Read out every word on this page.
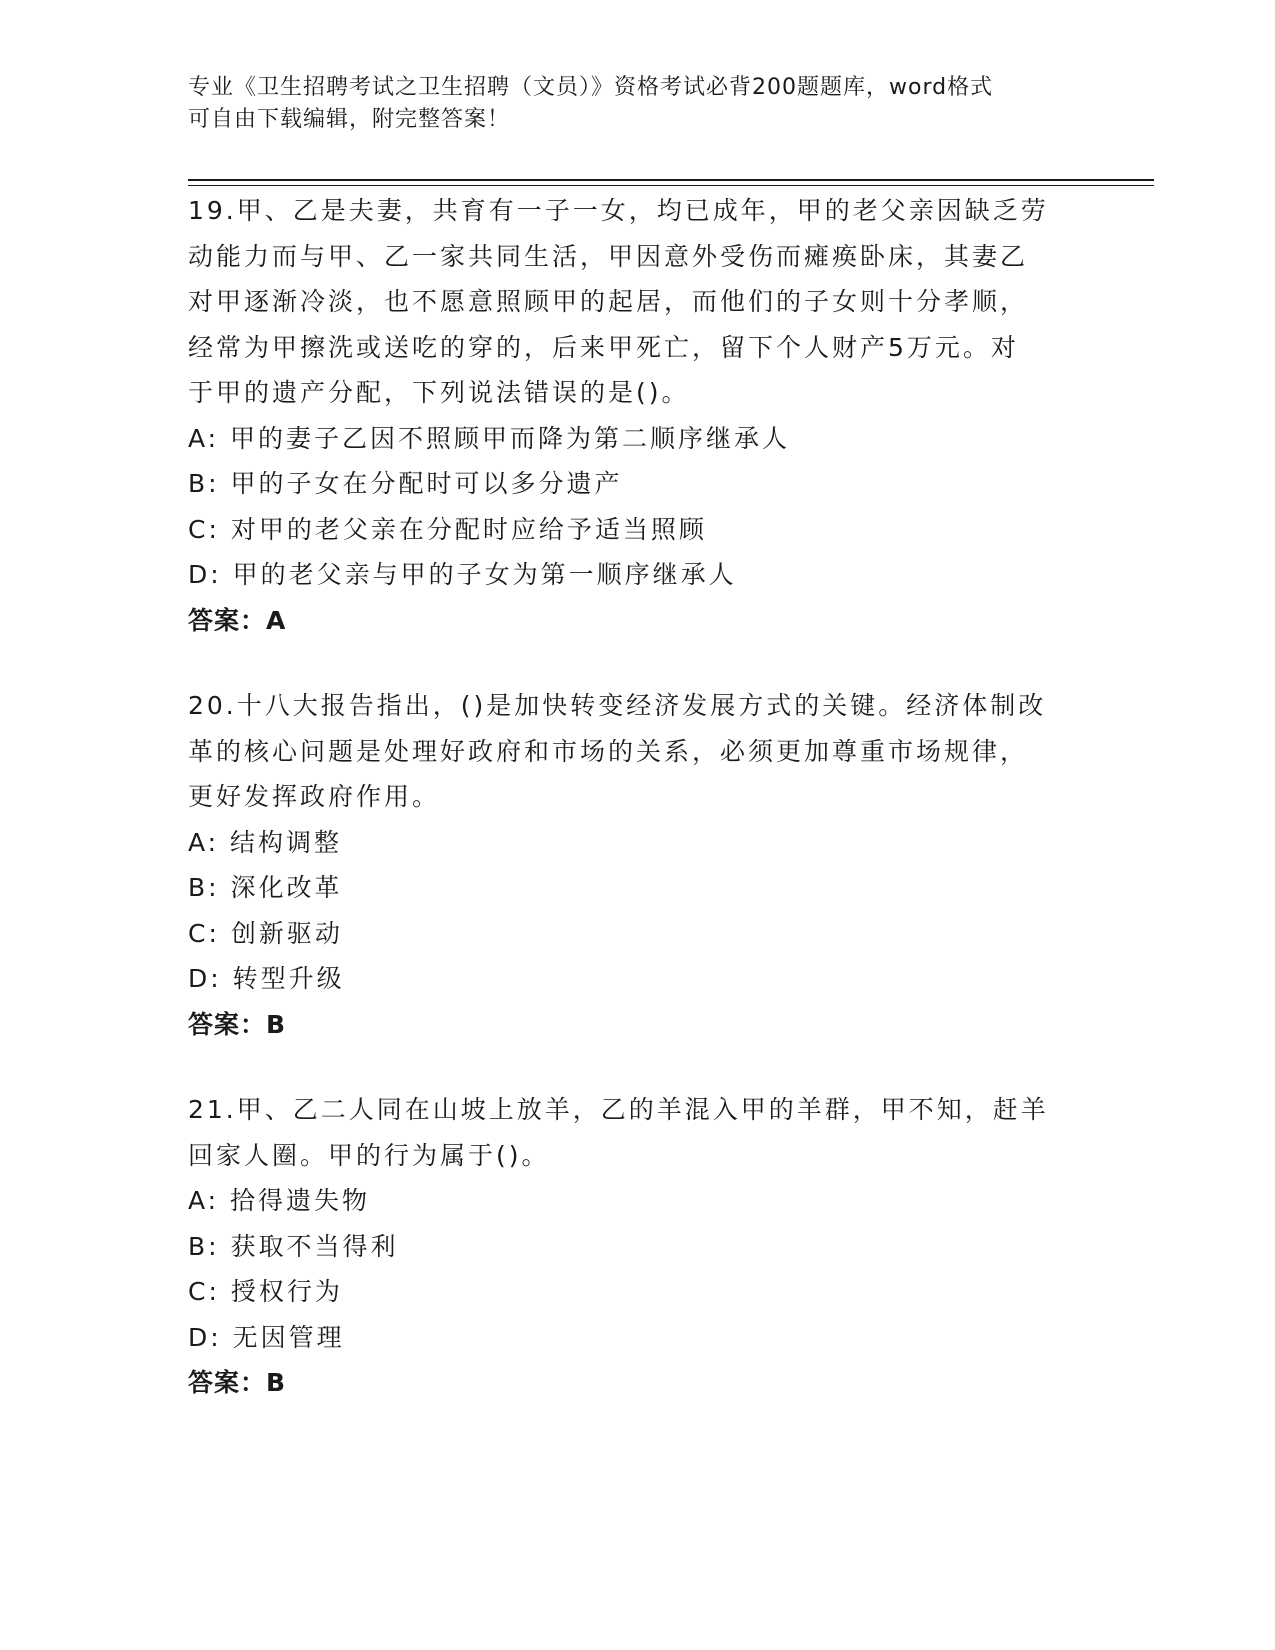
专业《卫生招聘考试之卫生招聘（文员）》资格考试必背200题题库，word格式
可自由下载编辑，附完整答案！
19.甲、乙是夫妻，共育有一子一女，均已成年，甲的老父亲因缺乏劳
动能力而与甲、乙一家共同生活，甲因意外受伤而瘫痪卧床，其妻乙
对甲逐渐冷淡，也不愿意照顾甲的起居，而他们的子女则十分孝顺，
经常为甲擦洗或送吃的穿的，后来甲死亡，留下个人财产5万元。对
于甲的遗产分配，下列说法错误的是()。
A: 甲的妻子乙因不照顾甲而降为第二顺序继承人
B: 甲的子女在分配时可以多分遗产
C: 对甲的老父亲在分配时应给予适当照顾
D: 甲的老父亲与甲的子女为第一顺序继承人
答案：A
20.十八大报告指出，()是加快转变经济发展方式的关键。经济体制改
革的核心问题是处理好政府和市场的关系，必须更加尊重市场规律，
更好发挥政府作用。
A: 结构调整
B: 深化改革
C: 创新驱动
D: 转型升级
答案：B
21.甲、乙二人同在山坡上放羊，乙的羊混入甲的羊群，甲不知，赶羊
回家人圈。甲的行为属于()。
A: 拾得遗失物
B: 获取不当得利
C: 授权行为
D: 无因管理
答案：B
